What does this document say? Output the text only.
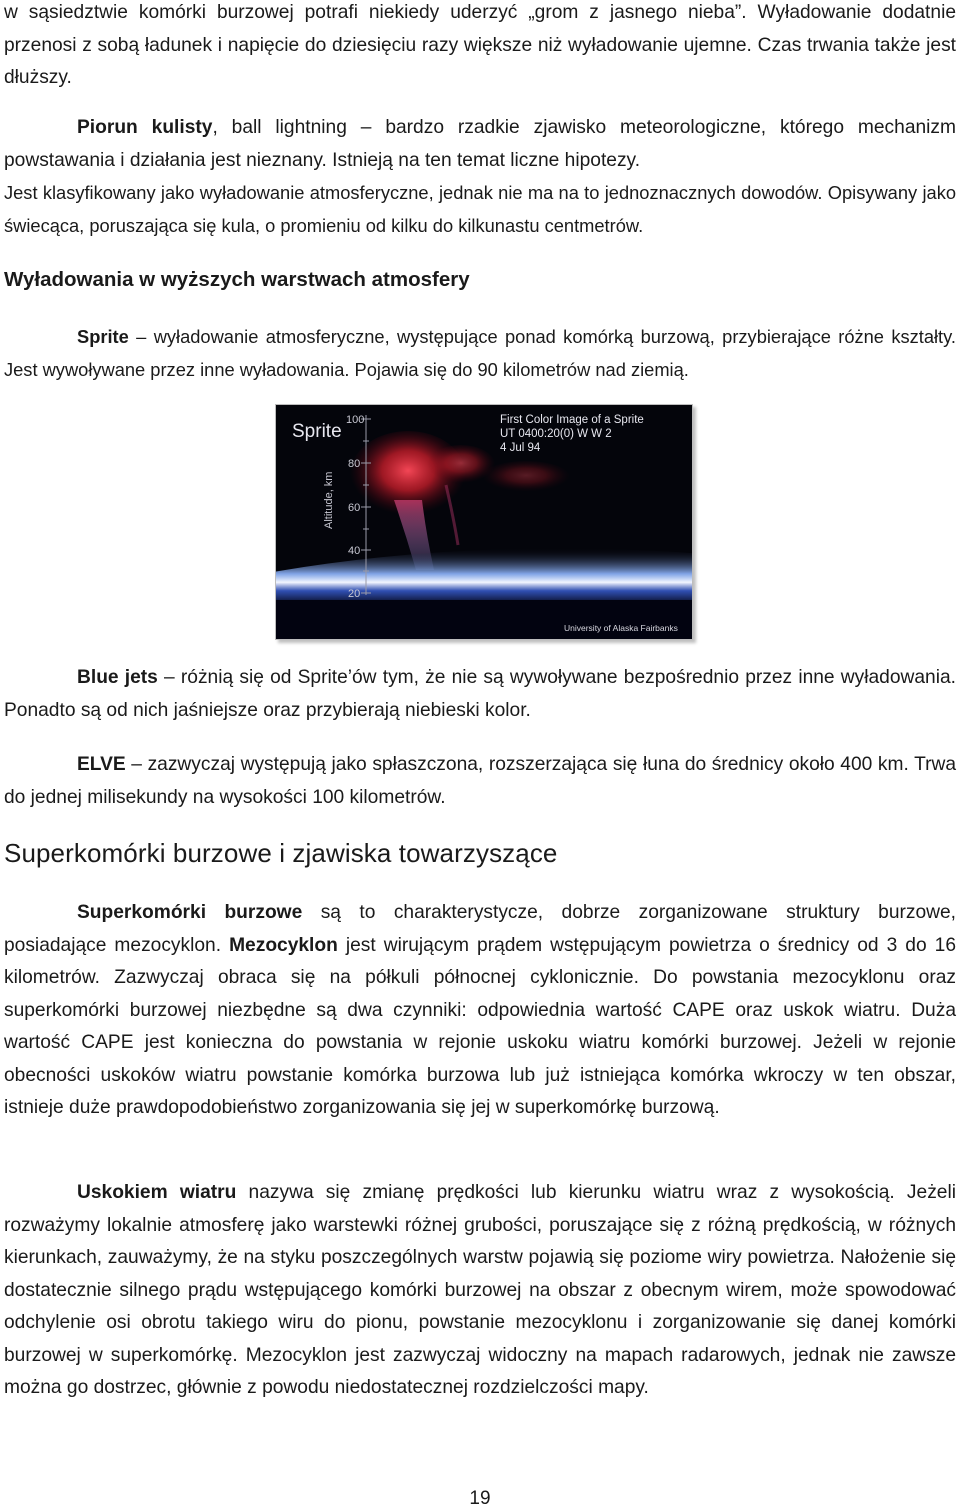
w sąsiedztwie komórki burzowej potrafi niekiedy uderzyć „grom z jasnego nieba”. Wyładowanie dodatnie przenosi z sobą ładunek i napięcie do dziesięciu razy większe niż wyładowanie ujemne. Czas trwania także jest dłuższy.

Piorun kulisty, ball lightning – bardzo rzadkie zjawisko meteorologiczne, którego mechanizm powstawania i działania jest nieznany. Istnieją na ten temat liczne hipotezy.

Jest klasyfikowany jako wyładowanie atmosferyczne, jednak nie ma na to jednoznacznych dowodów. Opisywany jako świecąca, poruszająca się kula, o promieniu od kilku do kilkunastu centmetrów.

Wyładowania w wyższych warstwach atmosfery

Sprite – wyładowanie atmosferyczne, występujące ponad komórką burzową, przybierające różne kształty. Jest wywoływane przez inne wyładowania. Pojawia się do 90 kilometrów nad ziemią.

100
80
60
40
20
Altitude, km
Sprite
First Color Image of a Sprite
UT 0400:20(0) W W 2
4 Jul 94
University of Alaska Fairbanks

Blue jets – różnią się od Sprite’ów tym, że nie są wywoływane bezpośrednio przez inne wyładowania. Ponadto są od nich jaśniejsze oraz przybierają niebieski kolor.

ELVE – zazwyczaj występują jako spłaszczona, rozszerzająca się łuna do średnicy około 400 km. Trwa do jednej milisekundy na wysokości 100 kilometrów.

Superkomórki burzowe i zjawiska towarzyszące

Superkomórki burzowe są to charakterystycze, dobrze zorganizowane struktury burzowe, posiadające mezocyklon. Mezocyklon jest wirującym prądem wstępującym powietrza o średnicy od 3 do 16 kilometrów. Zazwyczaj obraca się na półkuli północnej cyklonicznie. Do powstania mezocyklonu oraz superkomórki burzowej niezbędne są dwa czynniki: odpowiednia wartość CAPE oraz uskok wiatru. Duża wartość CAPE jest konieczna do powstania w rejonie uskoku wiatru komórki burzowej. Jeżeli w rejonie obecności uskoków wiatru powstanie komórka burzowa lub już istniejąca komórka wkroczy w ten obszar, istnieje duże prawdopodobieństwo zorganizowania się jej w superkomórkę burzową.

Uskokiem wiatru nazywa się zmianę prędkości lub kierunku wiatru wraz z wysokością. Jeżeli rozważymy lokalnie atmosferę jako warstewki różnej grubości, poruszające się z różną prędkością, w różnych kierunkach, zauważymy, że na styku poszczególnych warstw pojawią się poziome wiry powietrza. Nałożenie się dostatecznie silnego prądu wstępującego komórki burzowej na obszar z obecnym wirem, może spowodować odchylenie osi obrotu takiego wiru do pionu, powstanie mezocyklonu i zorganizowanie się danej komórki burzowej w superkomórkę. Mezocyklon jest zazwyczaj widoczny na mapach radarowych, jednak nie zawsze można go dostrzec, głównie z powodu niedostatecznej rozdzielczości mapy.

19
